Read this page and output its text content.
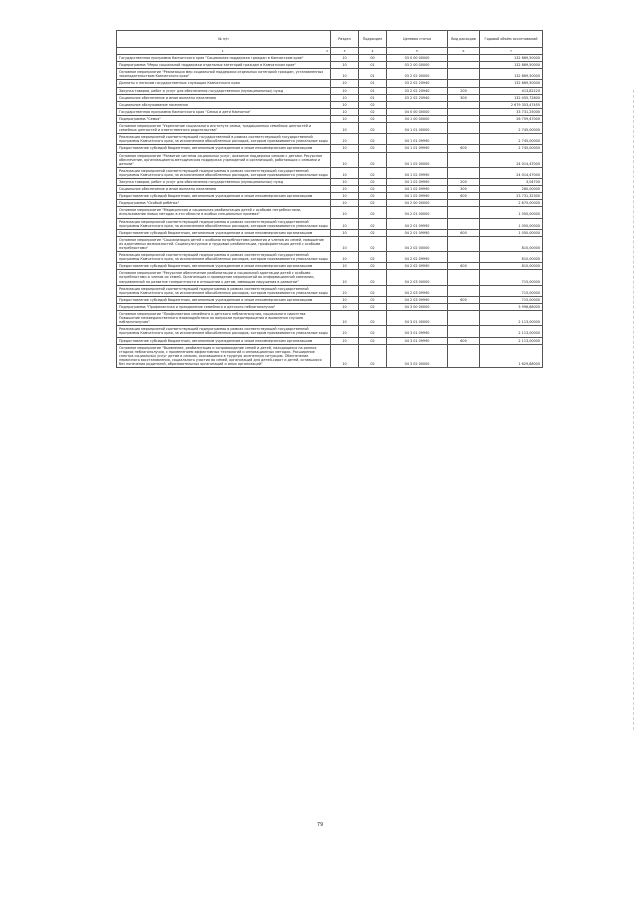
№ п/п	Раздел	Подраздел	Целевая статья	Вид расходов	Годовой объём ассигнований
1 2	3	4	5	6	7
Государственная программа Камчатского края "Социальная поддержка граждан в Камчатском крае"	10	00	03 0 00 00000		132 869,50000
Подпрограмма "Меры социальной поддержки отдельных категорий граждан в Камчатском крае"	10	01	03 2 00 00000		132 869,50000
Основное мероприятие "Реализация мер социальной поддержки отдельных категорий граждан, установленных законодательством Камчатского края"	10	01	03 2 02 00000		132 869,50000
Доплаты к пенсиям государственных служащих Камчатского края	10	01	03 2 02 20940		132 869,50000
Закупка товаров, работ и услуг для обеспечения государственных (муниципальных) нужд	10	01	03 2 02 20940	200	413,82220
Социальное обеспечение и иные выплаты населению	10	01	03 2 02 20940	300	132 455,72800
Социальное обслуживание населения	10	02			2 679 353,47455
Государственная программа Камчатского края "Семья и дети Камчатки"	10	02	04 0 00 00000		33 731,25000
Подпрограмма "Семья"	10	02	04 1 00 00000		26 759,47000
Основное мероприятие "Укрепление социального института семьи, традиционных семейных ценностей и семейных ценностей и ответственного родительства"	10	02	04 1 01 00000		2 745,00000
Реализация мероприятий соответствующей государственной в рамках соответствующей государственной программы Камчатского края, за исключением обособленных расходов, которым присваиваются уникальные коды	10	02	04 1 01 09990		2 745,00000
Предоставление субсидий бюджетным, автономным учреждениям и иным некоммерческим организациям	10	02	04 1 01 09990	600	2 745,00000
Основное мероприятие "Развитие системы социальных услуг, оказание поддержки семьям с детьми. Ресурсное обеспечение, организационно-методическая поддержка учреждений и организаций, работающих с семьями и детьми"	10	02	04 1 02 00000		24 014,47000
Реализация мероприятий соответствующей подпрограммы в рамках соответствующей государственной программы Камчатского края, за исключением обособленных расходов, которым присваиваются уникальные коды	10	02	04 1 02 09990		24 014,47000
Закупка товаров, работ и услуг для обеспечения государственных (муниципальных) нужд	10	02	04 1 02 09990	200	3,04700
Социальное обеспечение и иные выплаты населению	10	02	04 1 02 09990	300	280,00000
Предоставление субсидий бюджетным, автономным учреждениям и иным некоммерческим организациям	10	02	04 1 02 09990	600	23 731,32300
Подпрограмма "Особый ребёнок"	10	02	04 2 00 00000		2 675,00000
Основное мероприятие "Медицинская и социальная реабилитация детей с особыми потребностями, использование новых методик в эти области в особых специальных приемах"	10	02	04 2 01 00000		1 050,00000
Реализация мероприятий соответствующей подпрограммы в рамках соответствующей государственной программы Камчатского края, за исключением обособленных расходов, которым присваиваются уникальные коды	10	02	04 2 01 09990		1 050,00000
Предоставление субсидий бюджетным, автономным учреждениям и иным некоммерческим организациям	10	02	04 2 01 09990	600	1 050,00000
Основное мероприятие "Социализация детей с особыми потребностями развития и членов их семей, повышение их адаптивных возможностей. Социокультурные и трудовые реабилитации, профориентация детей с особыми потребностями"	10	02	04 2 02 00000		810,00000
Реализация мероприятий соответствующей подпрограммы в рамках соответствующей государственной программы Камчатского края, за исключением обособленных расходов, которым присваиваются уникальные коды	10	02	04 2 02 09990		810,00000
Предоставление субсидий бюджетным, автономным учреждениям и иным некоммерческим организациям	10	02	04 2 02 09990	600	810,00000
Основное мероприятие "Ресурсное обеспечение реабилитации и социальной адаптации детей с особыми потребностями и членов их семей. Организация и проведение мероприятий во информационной кампании, направленной на развитие толерантности в отношении к детям, имеющим нарушения в развитии"	10	02	04 2 03 00000		715,00000
Реализация мероприятий соответствующей подпрограммы в рамках соответствующей государственной программы Камчатского края, за исключением обособленных расходов, которым присваиваются уникальные коды	10	02	04 2 03 09990		715,00000
Предоставление субсидий бюджетным, автономным учреждениям и иным некоммерческим организациям	10	02	04 2 03 09990	600	715,00000
Подпрограмма "Профилактика и преодоление семейного и детского неблагополучия"	10	02	04 3 00 00000		3 996,88000
Основное мероприятие "Профилактика семейного и детского неблагополучия, социального сиротства. Повышение межведомственного взаимодействия по вопросам предотвращения и выявления случаев неблагополучия"	10	02	04 3 01 00000		2 113,00000
Реализация мероприятий соответствующей подпрограммы в рамках соответствующей государственной программы Камчатского края, за исключением обособленных расходов, которым присваиваются уникальные коды	10	02	04 3 01 09990		2 113,00000
Предоставление субсидий бюджетным, автономным учреждениям и иным некоммерческим организациям	10	02	04 3 01 09990	600	2 113,00000
Основное мероприятие "Выявление, реабилитация и сопровождение семей и детей, находящихся на ранних стадиях неблагополучия, с применением эффективных технологий и инновационных методик. Расширение спектра социальных услуг детям и семьям, оказавшимся в трудную жизненную ситуацию. Обеспечение первичного восстановления, социального участия во семей, организаций для детей-сирот и детей, оставшихся без попечения родителей, образовательных организаций и иных организаций"	10	02	04 3 02 00000		1 629,88000
79
